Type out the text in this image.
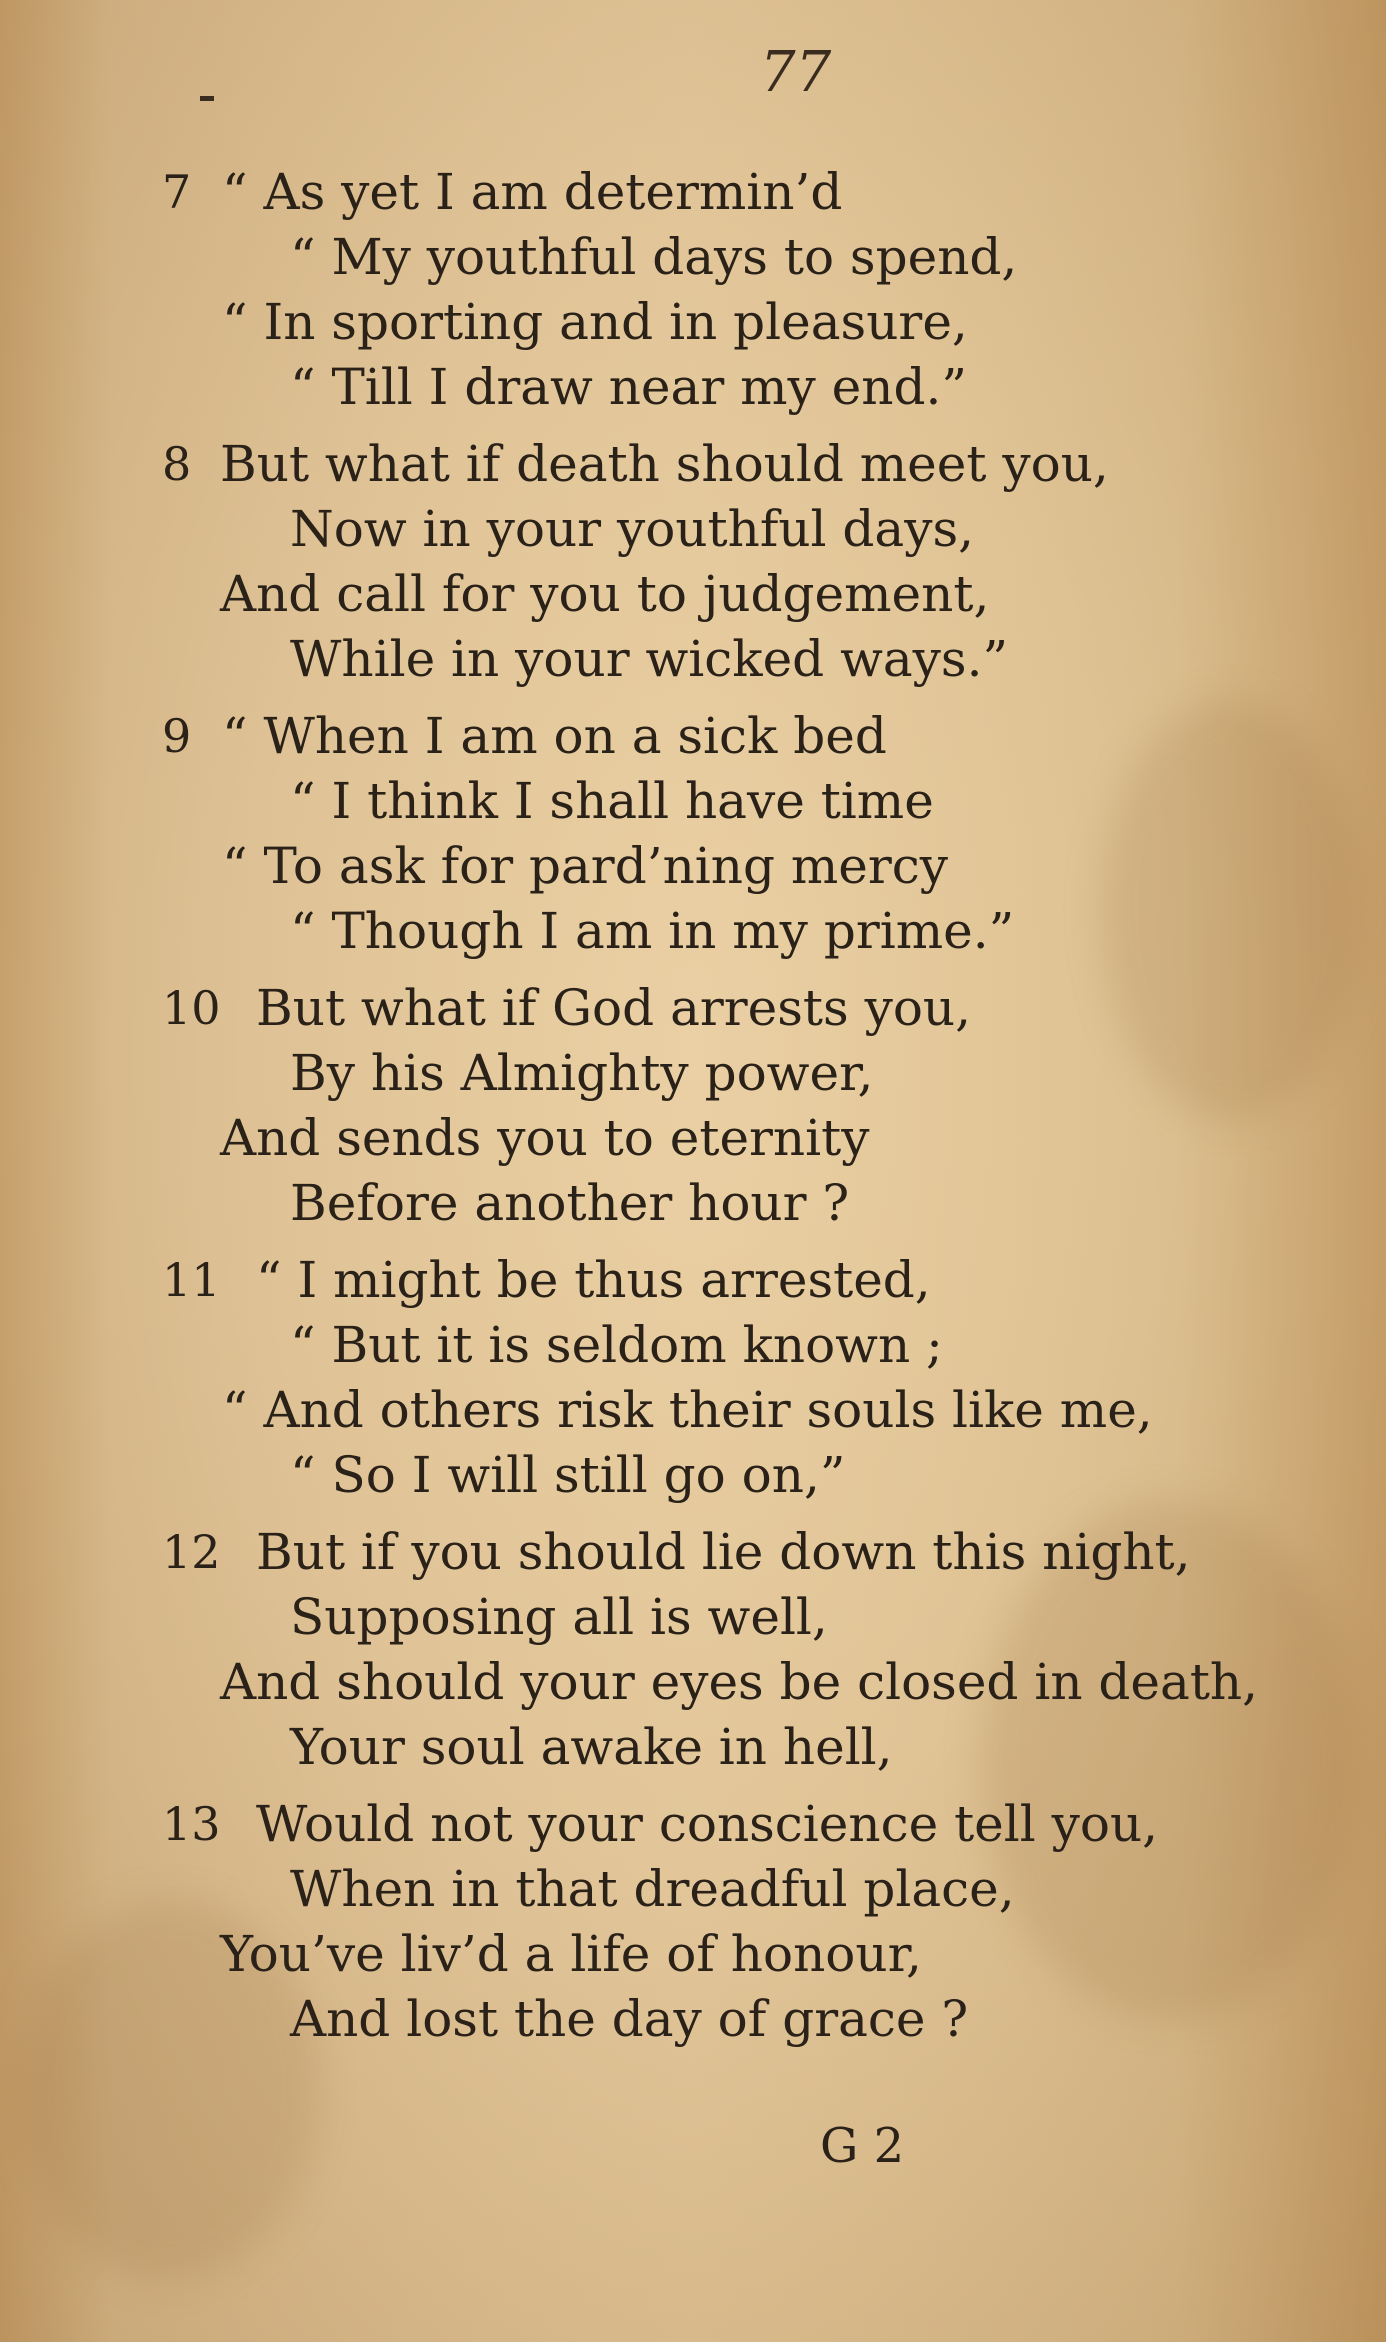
77
7 “ As yet I am determin’d
“ My youthful days to spend,
“ In sporting and in pleasure,
“ Till I draw near my end.”
8 But what if death should meet you,
Now in your youthful days,
And call for you to judgement,
While in your wicked ways.”
9 “ When I am on a sick bed
“ I think I shall have time
“ To ask for pard’ning mercy
“ Though I am in my prime.”
10 But what if God arrests you,
By his Almighty power,
And sends you to eternity
Before another hour ?
11 “ I might be thus arrested,
“ But it is seldom known ;
“ And others risk their souls like me,
“ So I will still go on,”
12 But if you should lie down this night,
Supposing all is well,
And should your eyes be closed in death,
Your soul awake in hell,
13 Would not your conscience tell you,
When in that dreadful place,
You’ve liv’d a life of honour,
And lost the day of grace ?
G 2
